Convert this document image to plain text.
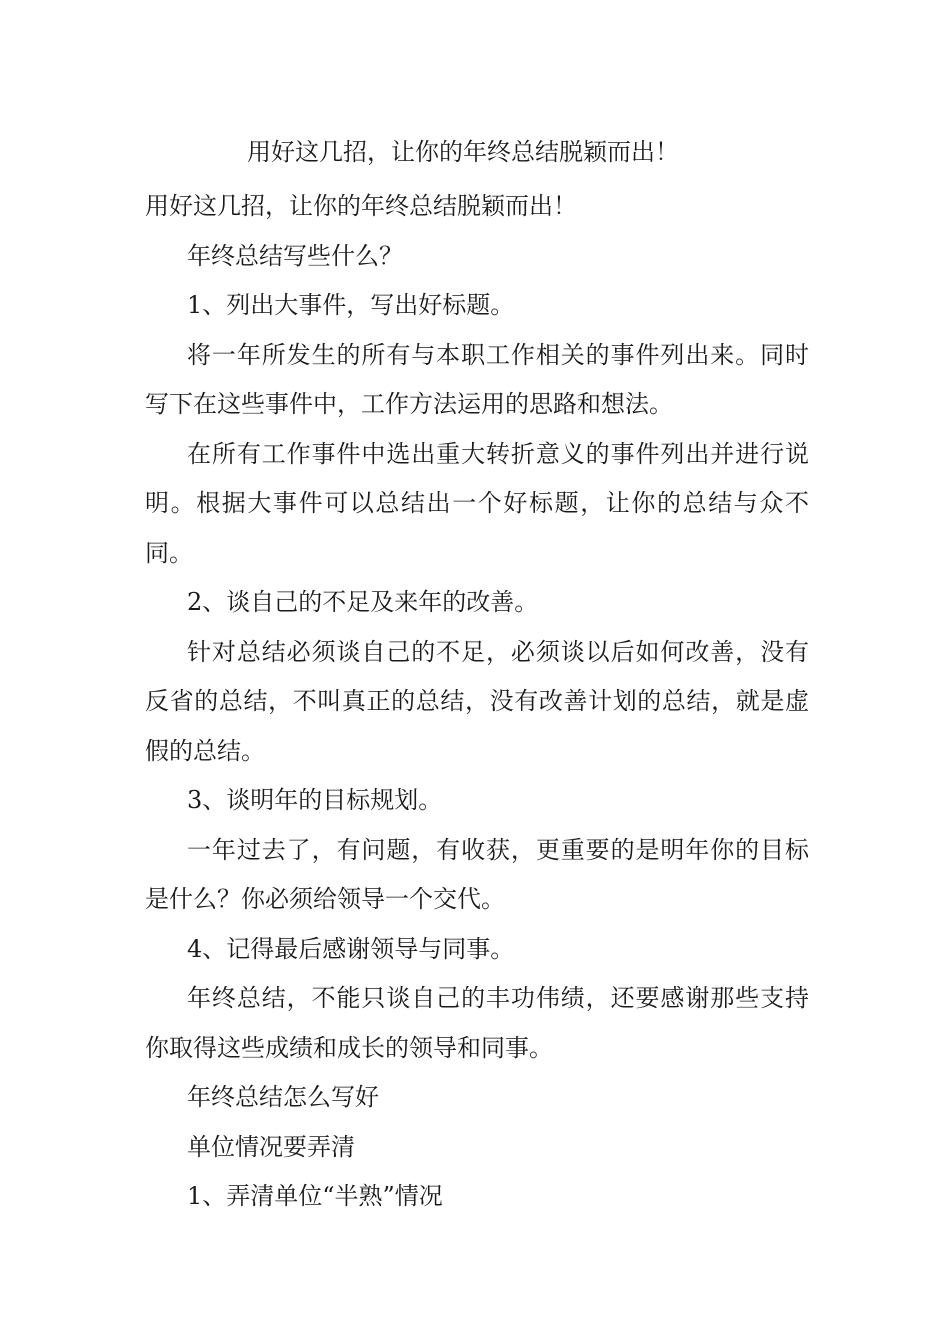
用好这几招，让你的年终总结脱颖而出！

用好这几招，让你的年终总结脱颖而出！

年终总结写些什么？

1、列出大事件，写出好标题。

将一年所发生的所有与本职工作相关的事件列出来。同时写下在这些事件中，工作方法运用的思路和想法。

在所有工作事件中选出重大转折意义的事件列出并进行说明。根据大事件可以总结出一个好标题，让你的总结与众不同。

2、谈自己的不足及来年的改善。

针对总结必须谈自己的不足，必须谈以后如何改善，没有反省的总结，不叫真正的总结，没有改善计划的总结，就是虚假的总结。

3、谈明年的目标规划。

一年过去了，有问题，有收获，更重要的是明年你的目标是什么？你必须给领导一个交代。

4、记得最后感谢领导与同事。

年终总结，不能只谈自己的丰功伟绩，还要感谢那些支持你取得这些成绩和成长的领导和同事。

年终总结怎么写好

单位情况要弄清

1、弄清单位“半熟”情况
